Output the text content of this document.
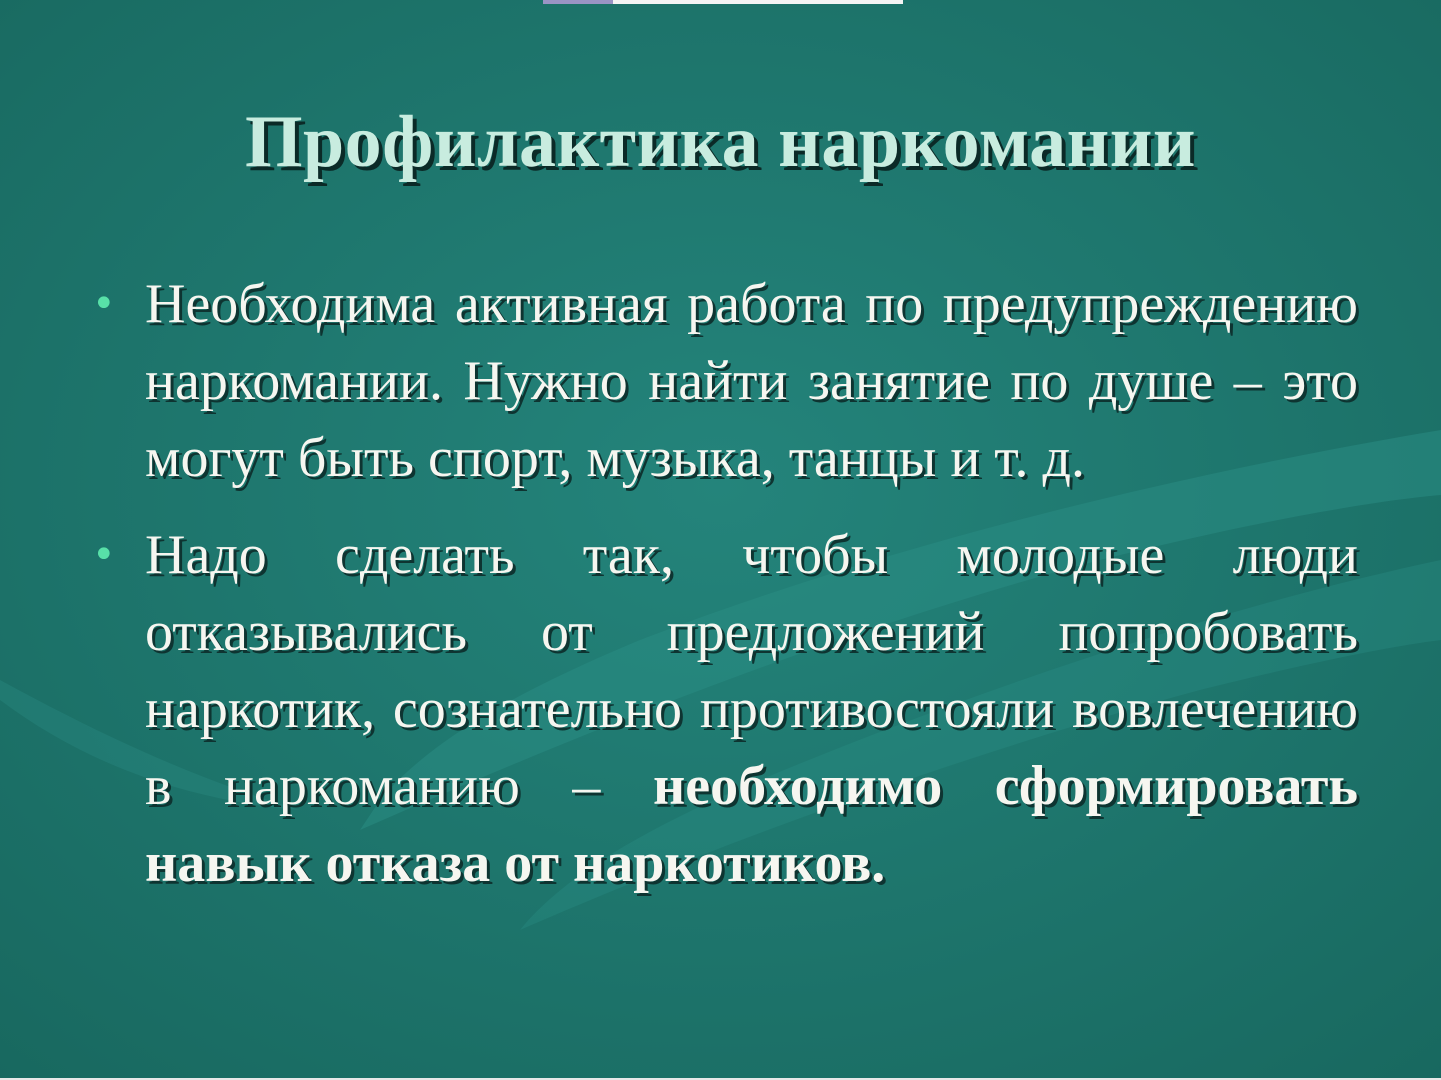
Профилактика наркомании
• Необходима активная работа по предупреждению наркомании. Нужно найти занятие по душе – это могут быть спорт, музыка, танцы и т. д.
• Надо сделать так, чтобы молодые люди отказывались от предложений попробовать наркотик, сознательно противостояли вовлечению в наркоманию – необходимо сформировать навык отказа от наркотиков.
